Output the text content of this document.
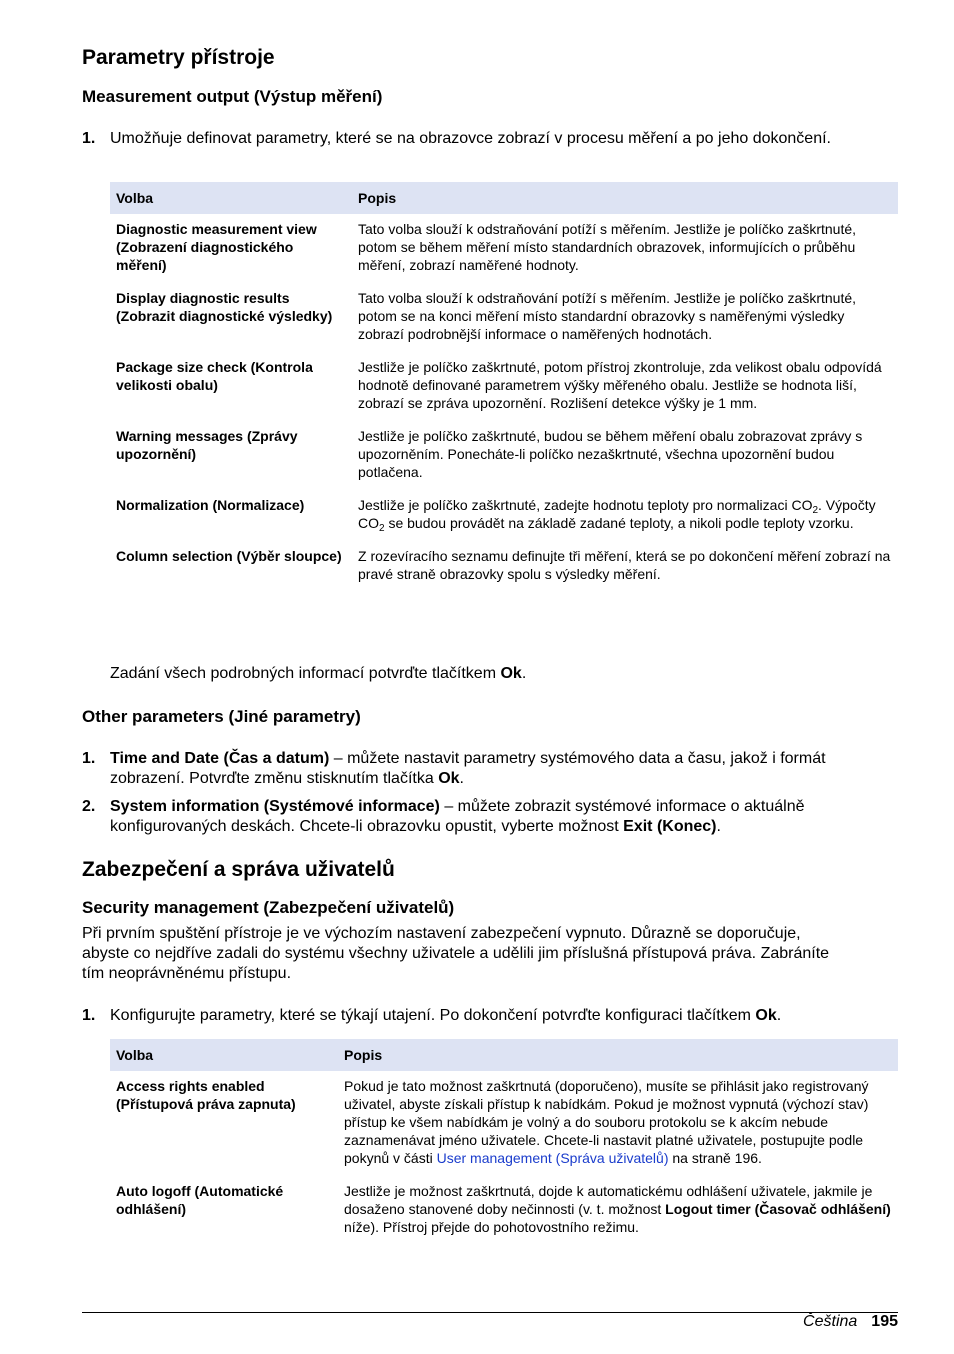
Parametry přístroje
Measurement output (Výstup měření)
1. Umožňuje definovat parametry, které se na obrazovce zobrazí v procesu měření a po jeho dokončení.
Volba	Popis
Diagnostic measurement view (Zobrazení diagnostického měření)	Tato volba slouží k odstraňování potíží s měřením. Jestliže je políčko zaškrtnuté, potom se během měření místo standardních obrazovek, informujících o průběhu měření, zobrazí naměřené hodnoty.
Display diagnostic results (Zobrazit diagnostické výsledky)	Tato volba slouží k odstraňování potíží s měřením. Jestliže je políčko zaškrtnuté, potom se na konci měření místo standardní obrazovky s naměřenými výsledky zobrazí podrobnější informace o naměřených hodnotách.
Package size check (Kontrola velikosti obalu)	Jestliže je políčko zaškrtnuté, potom přístroj zkontroluje, zda velikost obalu odpovídá hodnotě definované parametrem výšky měřeného obalu. Jestliže se hodnota liší, zobrazí se zpráva upozornění. Rozlišení detekce výšky je 1 mm.
Warning messages (Zprávy upozornění)	Jestliže je políčko zaškrtnuté, budou se během měření obalu zobrazovat zprávy s upozorněním. Ponecháte-li políčko nezaškrtnuté, všechna upozornění budou potlačena.
Normalization (Normalizace)	Jestliže je políčko zaškrtnuté, zadejte hodnotu teploty pro normalizaci $CO_2$. Výpočty $CO_2$ se budou provádět na základě zadané teploty, a nikoli podle teploty vzorku.
Column selection (Výběr sloupce)	Z rozevíracího seznamu definujte tři měření, která se po dokončení měření zobrazí na pravé straně obrazovky spolu s výsledky měření.
Zadání všech podrobných informací potvrďte tlačítkem Ok.
Other parameters (Jiné parametry)
1. Time and Date (Čas a datum) – můžete nastavit parametry systémového data a času, jakož i formát zobrazení. Potvrďte změnu stisknutím tlačítka Ok.
2. System information (Systémové informace) – můžete zobrazit systémové informace o aktuálně konfigurovaných deskách. Chcete-li obrazovku opustit, vyberte možnost Exit (Konec).
Zabezpečení a správa uživatelů
Security management (Zabezpečení uživatelů)
Při prvním spuštění přístroje je ve výchozím nastavení zabezpečení vypnuto. Důrazně se doporučuje, abyste co nejdříve zadali do systému všechny uživatele a udělili jim příslušná přístupová práva. Zabráníte tím neoprávněnému přístupu.
1. Konfigurujte parametry, které se týkají utajení. Po dokončení potvrďte konfiguraci tlačítkem Ok.
Volba	Popis
Access rights enabled (Přístupová práva zapnuta)	Pokud je tato možnost zaškrtnutá (doporučeno), musíte se přihlásit jako registrovaný uživatel, abyste získali přístup k nabídkám. Pokud je možnost vypnutá (výchozí stav) přístup ke všem nabídkám je volný a do souboru protokolu se k akcím nebude zaznamenávat jméno uživatele. Chcete-li nastavit platné uživatele, postupujte podle pokynů v části User management (Správa uživatelů) na straně 196.
Auto logoff (Automatické odhlášení)	Jestliže je možnost zaškrtnutá, dojde k automatickému odhlášení uživatele, jakmile je dosaženo stanovené doby nečinnosti (v. t. možnost Logout timer (Časovač odhlášení) níže). Přístroj přejde do pohotovostního režimu.
Čeština 195
